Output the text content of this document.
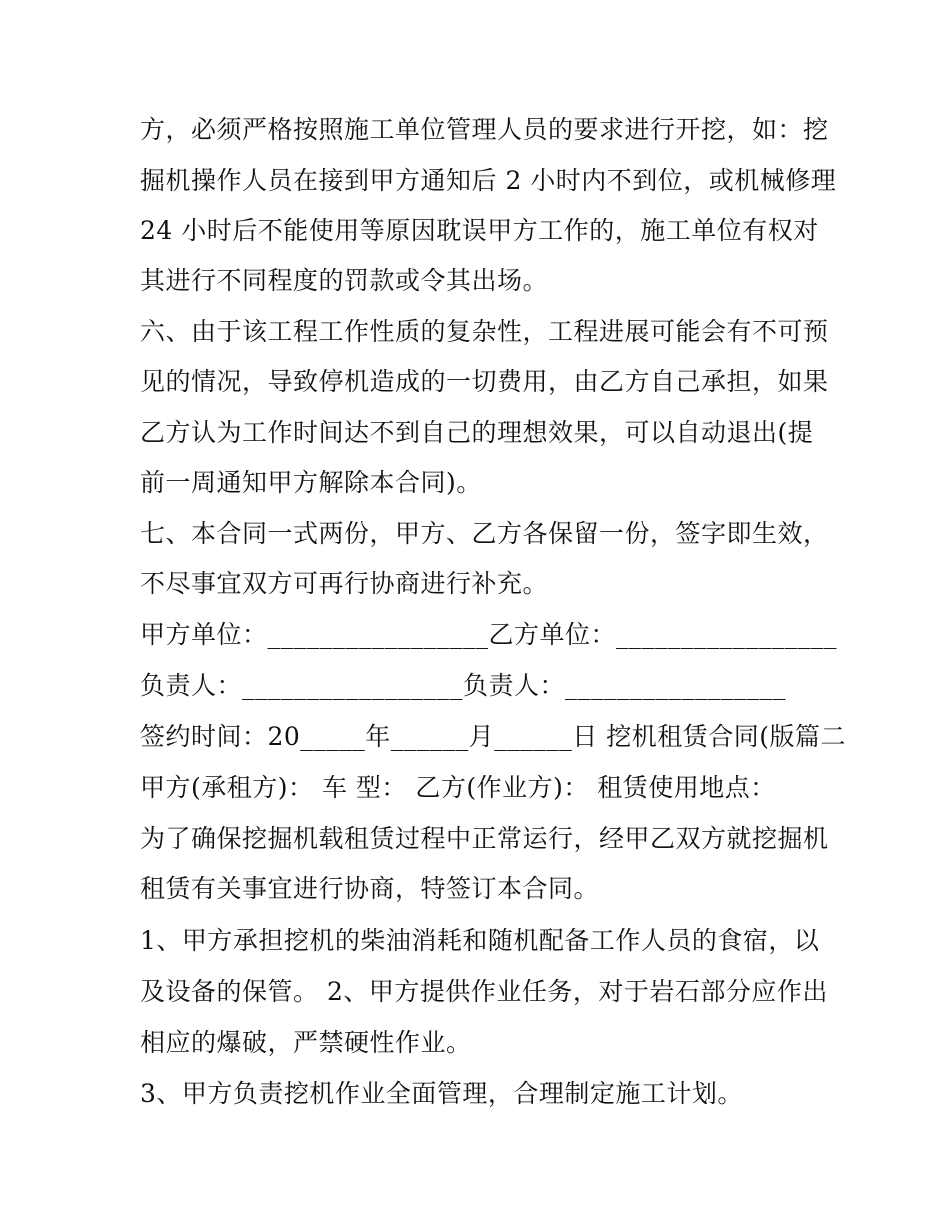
方，必须严格按照施工单位管理人员的要求进行开挖，如：挖
掘机操作人员在接到甲方通知后 2 小时内不到位，或机械修理
24 小时后不能使用等原因耽误甲方工作的，施工单位有权对
其进行不同程度的罚款或令其出场。
六、由于该工程工作性质的复杂性，工程进展可能会有不可预
见的情况，导致停机造成的一切费用，由乙方自己承担，如果
乙方认为工作时间达不到自己的理想效果，可以自动退出(提
前一周通知甲方解除本合同)。
七、本合同一式两份，甲方、乙方各保留一份，签字即生效，
不尽事宜双方可再行协商进行补充。
甲方单位：_________________乙方单位：_________________
负责人：_________________负责人：_________________
签约时间：20_____年______月______日 挖机租赁合同(版篇二
甲方(承租方)： 车 型： 乙方(作业方)： 租赁使用地点：
为了确保挖掘机载租赁过程中正常运行，经甲乙双方就挖掘机
租赁有关事宜进行协商，特签订本合同。
1、甲方承担挖机的柴油消耗和随机配备工作人员的食宿，以
及设备的保管。 2、甲方提供作业任务，对于岩石部分应作出
相应的爆破，严禁硬性作业。
3、甲方负责挖机作业全面管理，合理制定施工计划。
